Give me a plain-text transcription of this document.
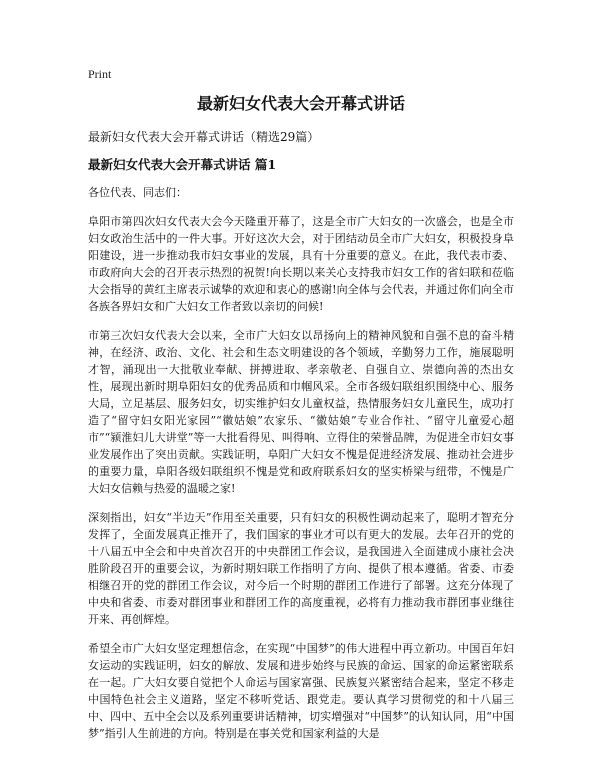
Print
最新妇女代表大会开幕式讲话
最新妇女代表大会开幕式讲话（精选29篇）
最新妇女代表大会开幕式讲话 篇1
各位代表、同志们：
阜阳市第四次妇女代表大会今天隆重开幕了，这是全市广大妇女的一次盛会，也是全市妇女政治生活中的一件大事。开好这次大会，对于团结动员全市广大妇女，积极投身阜阳建设，进一步推动我市妇女事业的发展，具有十分重要的意义。在此，我代表市委、市政府向大会的召开表示热烈的祝贺!向长期以来关心支持我市妇女工作的省妇联和莅临大会指导的黄红主席表示诚挚的欢迎和衷心的感谢!向全体与会代表，并通过你们向全市各族各界妇女和广大妇女工作者致以亲切的问候!
市第三次妇女代表大会以来，全市广大妇女以昂扬向上的精神风貌和自强不息的奋斗精神，在经济、政治、文化、社会和生态文明建设的各个领域，辛勤努力工作，施展聪明才智，涌现出一大批敬业奉献、拼搏进取、孝亲敬老、自强自立、崇德向善的杰出女性，展现出新时期阜阳妇女的优秀品质和巾帼风采。全市各级妇联组织围绕中心、服务大局，立足基层、服务妇女，切实维护妇女儿童权益，热情服务妇女儿童民生，成功打造了“留守妇女阳光家园”“徽姑娘”农家乐、“徽姑娘”专业合作社、“留守儿童爱心超市”“颍淮妇儿大讲堂”等一大批看得见、叫得响、立得住的荣誉品牌，为促进全市妇女事业发展作出了突出贡献。实践证明，阜阳广大妇女不愧是促进经济发展、推动社会进步的重要力量，阜阳各级妇联组织不愧是党和政府联系妇女的坚实桥梁与纽带，不愧是广大妇女信赖与热爱的温暖之家!
深刻指出，妇女“半边天”作用至关重要，只有妇女的积极性调动起来了，聪明才智充分发挥了，全面发展真正推开了，我们国家的事业才可以有更大的发展。去年召开的党的十八届五中全会和中央首次召开的中央群团工作会议，是我国进入全面建成小康社会决胜阶段召开的重要会议，为新时期妇联工作指明了方向、提供了根本遵循。省委、市委相继召开的党的群团工作会议，对今后一个时期的群团工作进行了部署。这充分体现了中央和省委、市委对群团事业和群团工作的高度重视，必将有力推动我市群团事业继往开来、再创辉煌。
希望全市广大妇女坚定理想信念，在实现“中国梦”的伟大进程中再立新功。中国百年妇女运动的实践证明，妇女的解放、发展和进步始终与民族的命运、国家的命运紧密联系在一起。广大妇女要自觉把个人命运与国家富强、民族复兴紧密结合起来，坚定不移走中国特色社会主义道路，坚定不移听党话、跟党走。要认真学习贯彻党的和十八届三中、四中、五中全会以及系列重要讲话精神，切实增强对“中国梦”的认知认同，用“中国梦”指引人生前进的方向。特别是在事关党和国家利益的大是
